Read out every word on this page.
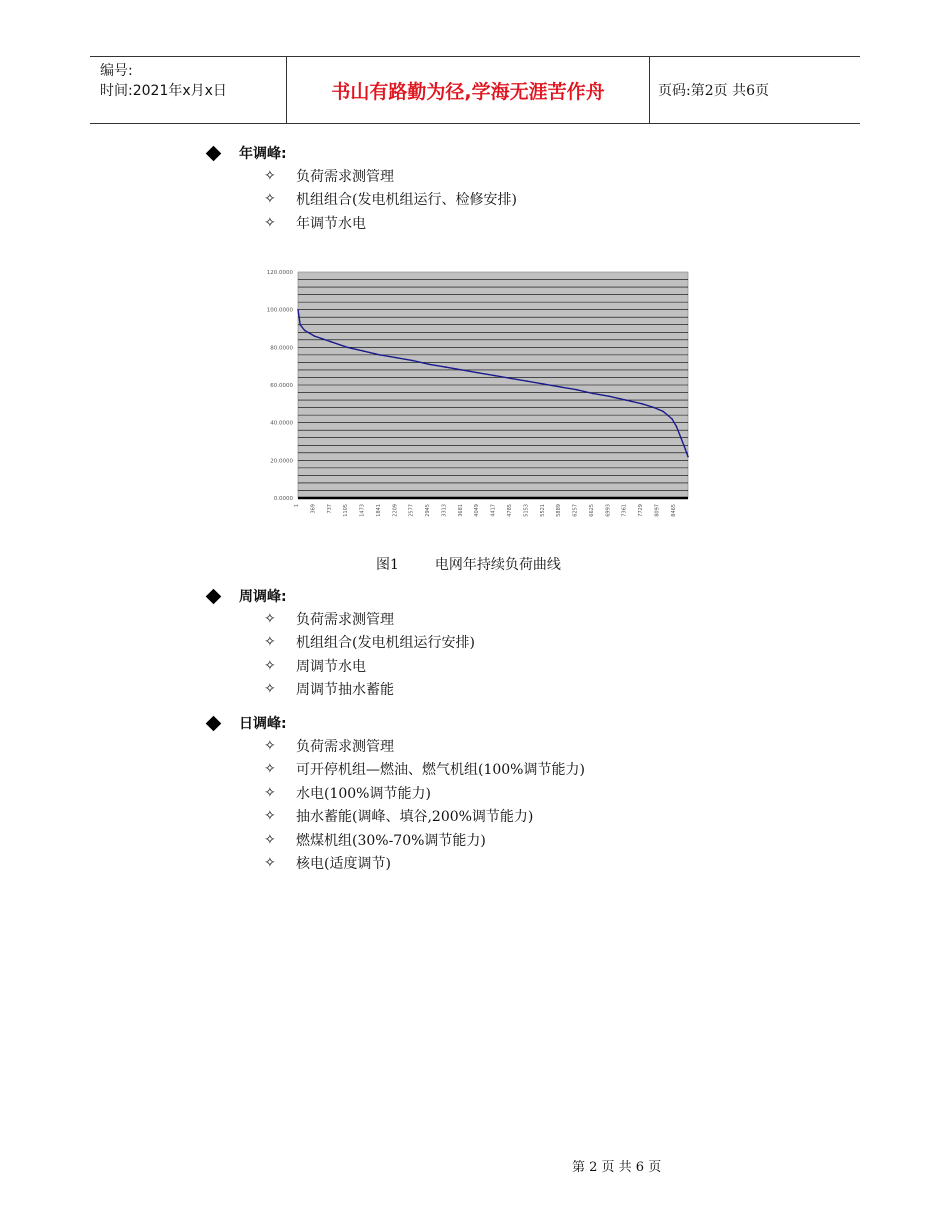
编号:
时间:2021年x月x日	书山有路勤为径,学海无涯苦作舟	页码:第2页 共6页
年调峰:
✧	负荷需求测管理
✧	机组组合(发电机组运行、检修安排)
✧	年调节水电
0.0000
20.0000
40.0000
60.0000
80.0000
100.0000
120.0000
1 369 737 1105 1473 1841 2209 2577 2945 3313 3681 4049 4417 4785 5153 5521 5889 6257 6625 6993 7361 7729 8097 8465
图1	电网年持续负荷曲线
周调峰:
✧	负荷需求测管理
✧	机组组合(发电机组运行安排)
✧	周调节水电
✧	周调节抽水蓄能
日调峰:
✧	负荷需求测管理
✧	可开停机组—燃油、燃气机组(100%调节能力)
✧	水电(100%调节能力)
✧	抽水蓄能(调峰、填谷,200%调节能力)
✧	燃煤机组(30%-70%调节能力)
✧	核电(适度调节)
第 2 页 共 6 页
